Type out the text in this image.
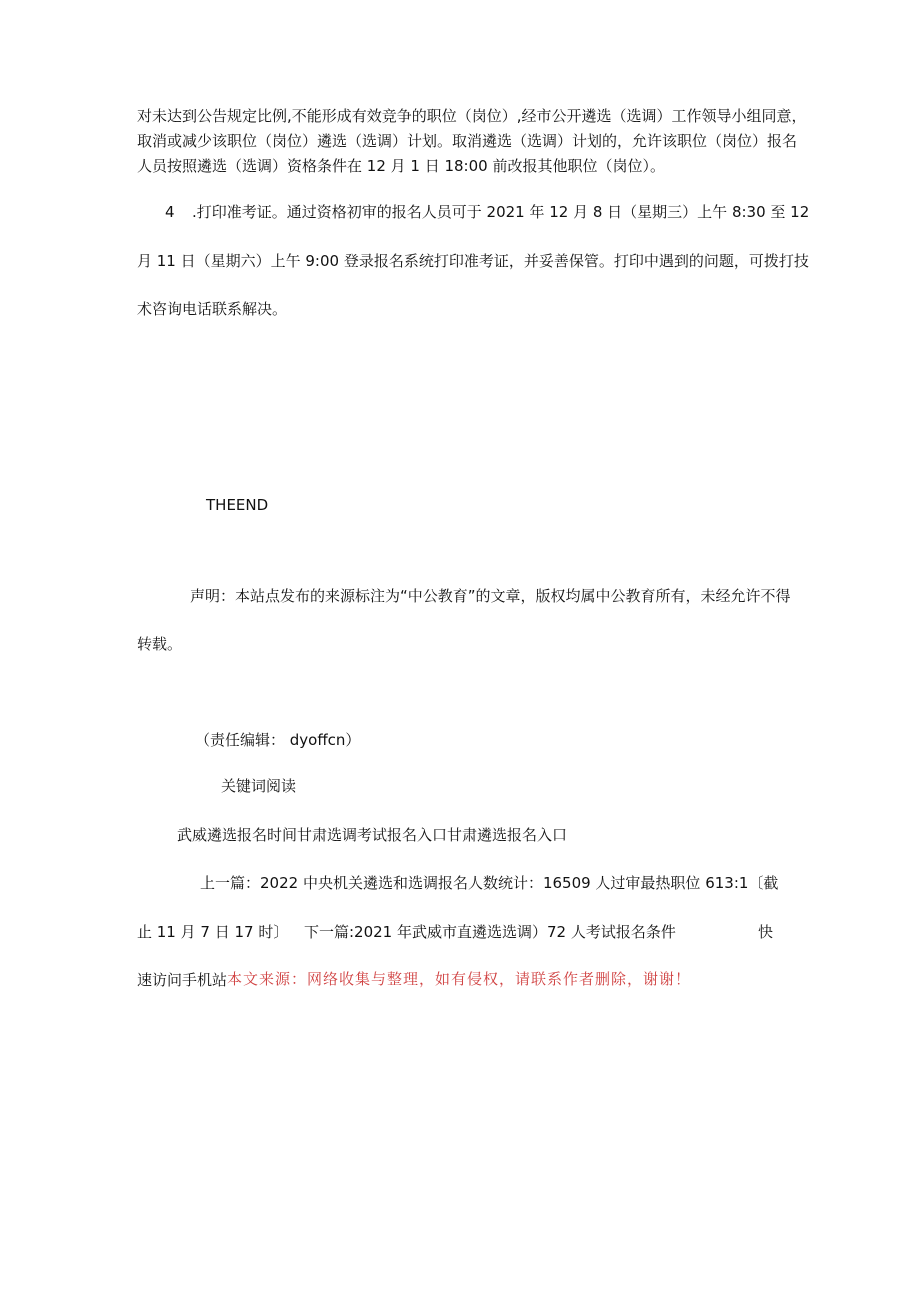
对未达到公告规定比例,不能形成有效竞争的职位（岗位）,经市公开遴选（选调）工作领导小组同意，
取消或减少该职位（岗位）遴选（选调）计划。取消遴选（选调）计划的，允许该职位（岗位）报名
人员按照遴选（选调）资格条件在 12 月 1 日 18:00 前改报其他职位（岗位）。
4 .打印准考证。通过资格初审的报名人员可于 2021 年 12 月 8 日（星期三）上午 8:30 至 12
月 11 日（星期六）上午 9:00 登录报名系统打印准考证，并妥善保管。打印中遇到的问题，可拨打技
术咨询电话联系解决。
THEEND
声明：本站点发布的来源标注为“中公教育”的文章，版权均属中公教育所有，未经允许不得
转载。
（责任编辑： dyoffcn）
关键词阅读
武威遴选报名时间甘肃选调考试报名入口甘肃遴选报名入口
上一篇：2022 中央机关遴选和选调报名人数统计：16509 人过审最热职位 613:1〔截
止 11 月 7 日 17 时〕 下一篇:2021 年武威市直遴选选调）72 人考试报名条件	快
速访问手机站 本文来源：网络收集与整理，如有侵权，请联系作者删除，谢谢！
